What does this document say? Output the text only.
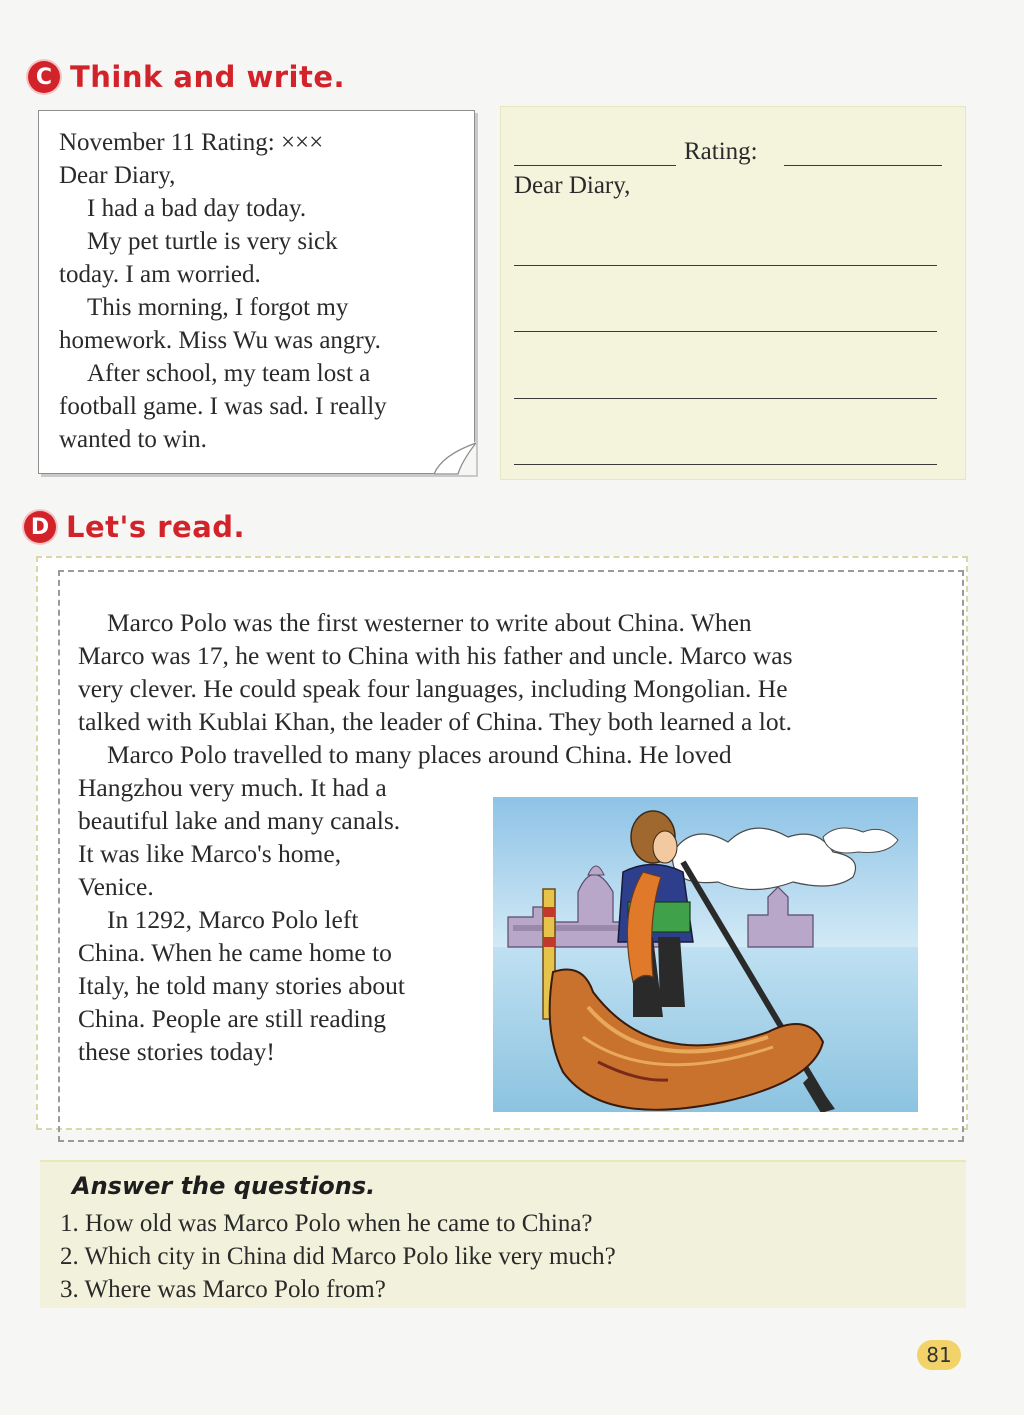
C Think and write.
November 11 Rating: ×××
Dear Diary,
I had a bad day today.
My pet turtle is very sick
today. I am worried.
This morning, I forgot my
homework. Miss Wu was angry.
After school, my team lost a
football game. I was sad. I really
wanted to win.
Rating:
Dear Diary,
D Let's read.
Marco Polo was the first westerner to write about China. When
Marco was 17, he went to China with his father and uncle. Marco was
very clever. He could speak four languages, including Mongolian. He
talked with Kublai Khan, the leader of China. They both learned a lot.
Marco Polo travelled to many places around China. He loved
Hangzhou very much. It had a
beautiful lake and many canals.
It was like Marco's home,
Venice.
In 1292, Marco Polo left
China. When he came home to
Italy, he told many stories about
China. People are still reading
these stories today!
Answer the questions.
1. How old was Marco Polo when he came to China?
2. Which city in China did Marco Polo like very much?
3. Where was Marco Polo from?
81
